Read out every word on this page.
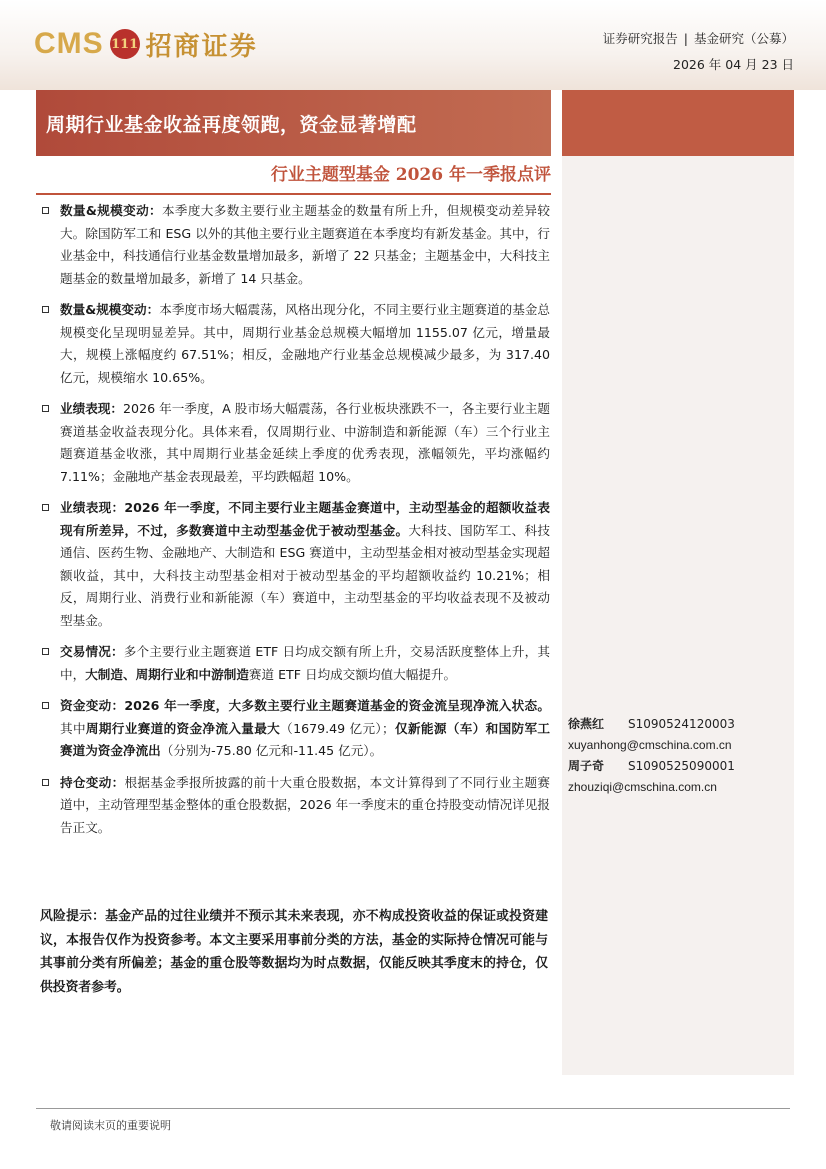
CMS 111 招商证券	证券研究报告 | 基金研究（公募）
2026 年 04 月 23 日
周期行业基金收益再度领跑，资金显著增配
行业主题型基金 2026 年一季报点评
数量&规模变动：本季度大多数主要行业主题基金的数量有所上升，但规模变动差异较大。除国防军工和 ESG 以外的其他主要行业主题赛道在本季度均有新发基金。其中，行业基金中，科技通信行业基金数量增加最多，新增了 22 只基金；主题基金中，大科技主题基金的数量增加最多，新增了 14 只基金。
数量&规模变动：本季度市场大幅震荡，风格出现分化，不同主要行业主题赛道的基金总规模变化呈现明显差异。其中，周期行业基金总规模大幅增加 1155.07 亿元，增量最大，规模上涨幅度约 67.51%；相反，金融地产行业基金总规模减少最多，为 317.40 亿元，规模缩水 10.65%。
业绩表现：2026 年一季度，A 股市场大幅震荡，各行业板块涨跌不一，各主要行业主题赛道基金收益表现分化。具体来看，仅周期行业、中游制造和新能源（车）三个行业主题赛道基金收涨，其中周期行业基金延续上季度的优秀表现，涨幅领先，平均涨幅约 7.11%；金融地产基金表现最差，平均跌幅超 10%。
业绩表现：2026 年一季度，不同主要行业主题基金赛道中，主动型基金的超额收益表现有所差异，不过，多数赛道中主动型基金优于被动型基金。大科技、国防军工、科技通信、医药生物、金融地产、大制造和 ESG 赛道中，主动型基金相对被动型基金实现超额收益，其中，大科技主动型基金相对于被动型基金的平均超额收益约 10.21%；相反，周期行业、消费行业和新能源（车）赛道中，主动型基金的平均收益表现不及被动型基金。
交易情况：多个主要行业主题赛道 ETF 日均成交额有所上升，交易活跃度整体上升，其中，大制造、周期行业和中游制造赛道 ETF 日均成交额均值大幅提升。
资金变动：2026 年一季度，大多数主要行业主题赛道基金的资金流呈现净流入状态。其中周期行业赛道的资金净流入量最大（1679.49 亿元）；仅新能源（车）和国防军工赛道为资金净流出（分别为-75.80 亿元和-11.45 亿元）。
持仓变动：根据基金季报所披露的前十大重仓股数据，本文计算得到了不同行业主题赛道中，主动管理型基金整体的重仓股数据，2026 年一季度末的重仓持股变动情况详见报告正文。
徐燕红	S1090524120003
xuyanhong@cmschina.com.cn
周子奇	S1090525090001
zhouziqi@cmschina.com.cn
风险提示：基金产品的过往业绩并不预示其未来表现，亦不构成投资收益的保证或投资建议，本报告仅作为投资参考。本文主要采用事前分类的方法，基金的实际持仓情况可能与其事前分类有所偏差；基金的重仓股等数据均为时点数据，仅能反映其季度末的持仓，仅供投资者参考。
敬请阅读末页的重要说明
